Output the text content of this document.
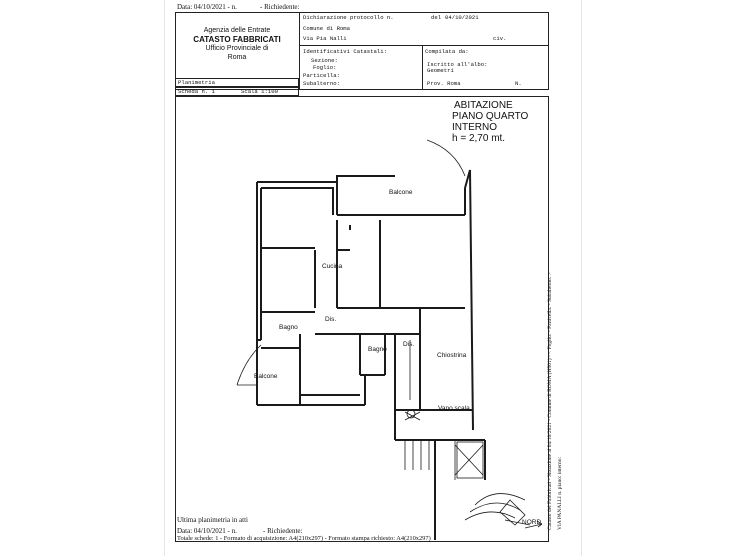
Data: 04/10/2021 - n.	- Richiedente:
Agenzia delle Entrate
CATASTO FABBRICATI
Ufficio Provinciale di
Roma
Dichiarazione protocollo n.	del 04/10/2021
Comune di Roma
Via Pia Nalli	civ.
Identificativi Catastali:
Sezione:
Foglio:
Particella:
Subalterno:
Compilata da:
Iscritto all'albo:
Geometri
Prov. Roma	N.
Planimetria
Scheda n. 1	Scala 1:100
ABITAZIONE
PIANO QUARTO
INTERNO
h = 2,70 mt.
Balcone
Cucina
Dis.
Bagno
Bagno
Dis.
Chiostrina
Balcone
Vano scala
NORD Catasto dei Fabbricati - Situazione al 04/10/2021 - Comune di ROMA (H501) - < Foglio: - Particella: - Subalterno: > VIA PANALLI n. piano: interno:
Ultima planimetria in atti
Data: 04/10/2021 - n.	- Richiedente:
Totale schede: 1 - Formato di acquisizione: A4(210x297) - Formato stampa richiesto: A4(210x297)
